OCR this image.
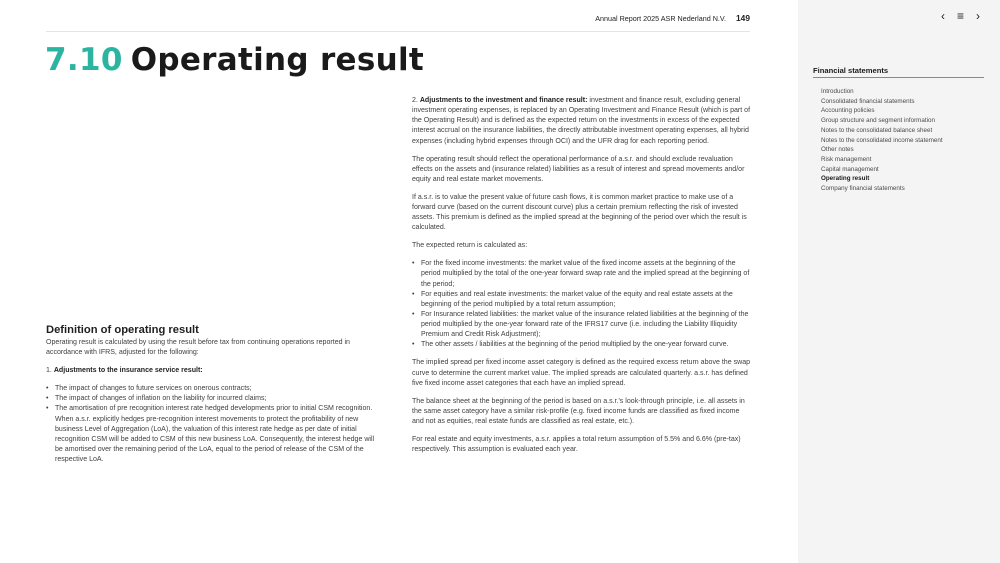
Annual Report 2025 ASR Nederland N.V. 149
7.10 Operating result
Definition of operating result

Operating result is calculated by using the result before tax from continuing operations reported in accordance with IFRS, adjusted for the following:

1. Adjustments to the insurance service result:

• The impact of changes to future services on onerous contracts;
• The impact of changes of inflation on the liability for incurred claims;
• The amortisation of pre recognition interest rate hedged developments prior to initial CSM recognition. When a.s.r. explicitly hedges pre-recognition interest movements to protect the profitability of new business Level of Aggregation (LoA), the valuation of this interest rate hedge as per date of initial recognition CSM will be added to CSM of this new business LoA. Consequently, the interest hedge will be amortised over the remaining period of the LoA, equal to the period of release of the CSM of the respective LoA.

2. Adjustments to the investment and finance result: investment and finance result, excluding general investment operating expenses, is replaced by an Operating Investment and Finance Result (which is part of the Operating Result) and is defined as the expected return on the investments in excess of the expected interest accrual on the insurance liabilities, the directly attributable investment operating expenses, all hybrid expenses (including hybrid expenses through OCI) and the UFR drag for each reporting period.

The operating result should reflect the operational performance of a.s.r. and should exclude revaluation effects on the assets and (insurance related) liabilities as a result of interest and spread movements and/or equity and real estate market movements.

If a.s.r. is to value the present value of future cash flows, it is common market practice to make use of a forward curve (based on the current discount curve) plus a certain premium reflecting the risk of invested assets. This premium is defined as the implied spread at the beginning of the period over which the result is calculated.

The expected return is calculated as:

• For the fixed income investments: the market value of the fixed income assets at the beginning of the period multiplied by the total of the one-year forward swap rate and the implied spread at the beginning of the period;
• For equities and real estate investments: the market value of the equity and real estate assets at the beginning of the period multiplied by a total return assumption;
• For Insurance related liabilities: the market value of the insurance related liabilities at the beginning of the period multiplied by the one-year forward rate of the IFRS17 curve (i.e. including the Liability Illiquidity Premium and Credit Risk Adjustment);
• The other assets / liabilities at the beginning of the period multiplied by the one-year forward curve.

The implied spread per fixed income asset category is defined as the required excess return above the swap curve to determine the current market value. The implied spreads are calculated quarterly. a.s.r. has defined five fixed income asset categories that each have an implied spread.

The balance sheet at the beginning of the period is based on a.s.r.'s look-through principle, i.e. all assets in the same asset category have a similar risk-profile (e.g. fixed income funds are classified as fixed income and not as equities, real estate funds are classified as real estate, etc.).

For real estate and equity investments, a.s.r. applies a total return assumption of 5.5% and 6.6% (pre-tax) respectively. This assumption is evaluated each year.

‹ ≡ ›
Financial statements
Introduction
Consolidated financial statements
Accounting policies
Group structure and segment information
Notes to the consolidated balance sheet
Notes to the consolidated income statement
Other notes
Risk management
Capital management
Operating result
Company financial statements
